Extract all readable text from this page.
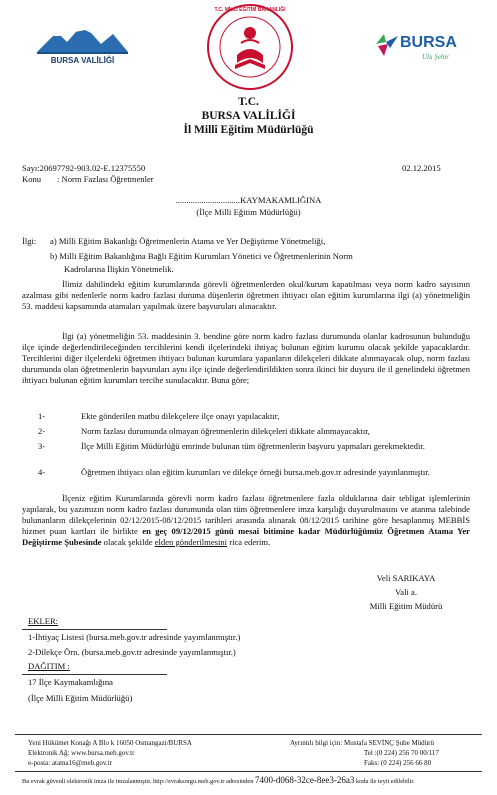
BURSA VALİLİĞİ
T.C. MİLLİ EĞİTİM BAKANLIĞI
BURSA
Ulu Şehir
T.C.
BURSA VALİLİĞİ
İl Millî Eğitim Müdürlüğü
Sayı:20697792-903.02-E.12375550	02.12.2015
Konu : Norm Fazlası Öğretmenler
..............................KAYMAKAMLIĞINA
(İlçe Milli Eğitim Müdürlüğü)
İlgi: a) Milli Eğitim Bakanlığı Öğretmenlerin Atama ve Yer Değiştirme Yönetmeliği,
b) Milli Eğitim Bakanlığına Bağlı Eğitim Kurumları Yönetici ve Öğretmenlerinin Norm
Kadrolarına İlişkin Yönetmelik.
İlimiz dahilindeki eğitim kurumlarında görevli öğretmenlerden okul/kurum kapatılması veya norm kadro sayısının azalması gibi nedenlerle norm kadro fazlası duruma düşenlerin öğretmen ihtiyacı olan eğitim kurumlarına ilgi (a) yönetmeliğin 53. maddesi kapsamında atamaları yapılmak üzere başvuruları alınacaktır.
İlgi (a) yönetmeliğin 53. maddesinin 3. bendine göre norm kadro fazlası durumunda olanlar kadrosunun bulunduğu ilçe içinde değerlendirileceğinden tercihlerini kendi ilçelerindeki ihtiyaç bulunan eğitim kurumu olacak şekilde yapacaklardır. Tercihlerini diğer ilçelerdeki öğretmen ihtiyacı bulunan kurumlara yapanların dilekçeleri dikkate alınmayacak olup, norm fazlası durumunda olan öğretmenlerin başvuruları aynı ilçe içinde değerlendirildikten sonra ikinci bir duyuru ile il genelindeki öğretmen ihtiyacı bulunan eğitim kurumları tercihe sunulacaktır. Buna göre;
1-	Ekte gönderilen matbu dilekçelere ilçe onayı yapılacaktır,
2-	Norm fazlası durumunda olmayan öğretmenlerin dilekçeleri dikkate alınmayacaktır,
3-	İlçe Milli Eğitim Müdürlüğü emrinde bulunan tüm öğretmenlerin başvuru yapmaları gerekmektedir.
4-	Öğretmen ihtiyacı olan eğitim kurumları ve dilekçe örneği bursa.meb.gov.tr adresinde yayınlanmıştır.
İlçeniz eğitim Kurumlarında görevli norm kadro fazlası öğretmenlere fazla olduklarına dair tebligat işlemlerinin yapılarak, bu yazımızın norm kadro fazlası durumunda olan tüm öğretmenlere imza karşılığı duyurulmasını ve atanma talebinde bulunanların dilekçelerinin 02/12/2015-08/12/2015 tarihleri arasında alınarak 08/12/2015 tarihine göre hesaplanmış MEBBİS hizmet puan kartları ile birlikte en geç 09/12/2015 günü mesai bitimine kadar Müdürlüğümüz Öğretmen Atama Yer Değiştirme Şubesinde olacak şekilde elden gönderilmesini rica ederim.
Veli SARIKAYA
Vali a.
Milli Eğitim Müdürü
EKLER:
1-İhtiyaç Listesi (bursa.meb.gov.tr adresinde yayımlanmıştır.)
2-Dilekçe Örn. (bursa.meb.gov.tr adresinde yayımlanmıştır.)
DAĞITIM :
17 İlçe Kaymakamlığına
(İlçe Milli Eğitim Müdürlüğü)
Yeni Hükümet Konağı A Blo k 16050 Osmangazi/BURSA
Elektronik Ağ: www.bursa.meb.gov.tr
e-posta: atama16@meb.gov.tr
Ayrıntılı bilgi için: Mustafa SEVİNÇ Şube Müdürü
Tel :(0 224) 256 70 00/117
Faks: (0 224) 256 66 80
Bu evrak güvenli elektronik imza ile imzalanmıştır. http://evraksorgu.meb.gov.tr adresinden 7400-d068-32ce-8ee3-26a3 kodu ile teyit edilebilir.
